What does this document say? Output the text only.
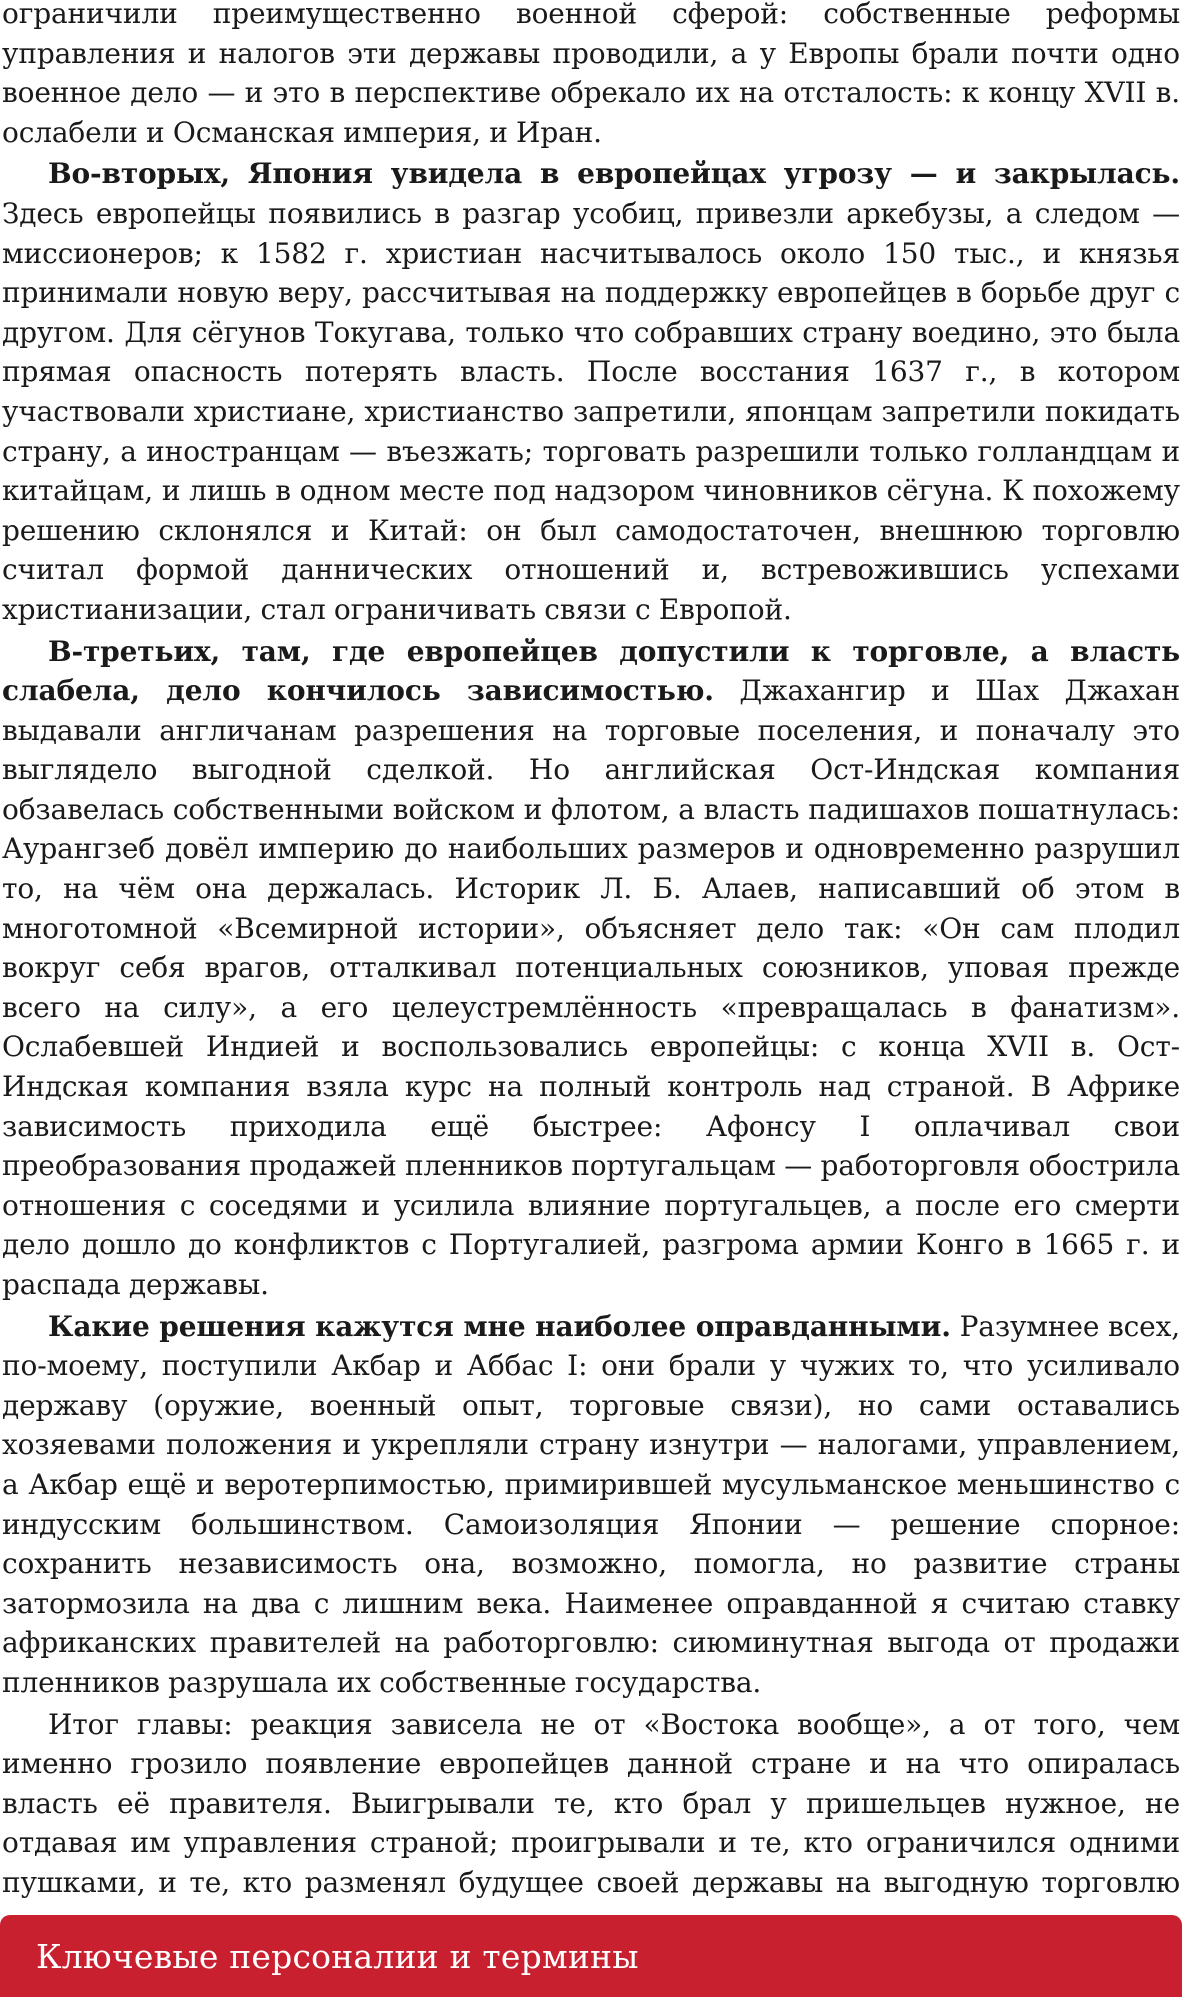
ограничили преимущественно военной сферой: собственные реформы управления и налогов эти державы проводили, а у Европы брали почти одно военное дело — и это в перспективе обрекало их на отсталость: к концу XVII в. ослабели и Османская империя, и Иран.

Во-вторых, Япония увидела в европейцах угрозу — и закрылась. Здесь европейцы появились в разгар усобиц, привезли аркебузы, а следом — миссионеров; к 1582 г. христиан насчитывалось около 150 тыс., и князья принимали новую веру, рассчитывая на поддержку европейцев в борьбе друг с другом. Для сёгунов Токугава, только что собравших страну воедино, это была прямая опасность потерять власть. После восстания 1637 г., в котором участвовали христиане, христианство запретили, японцам запретили покидать страну, а иностранцам — въезжать; торговать разрешили только голландцам и китайцам, и лишь в одном месте под надзором чиновников сёгуна. К похожему решению склонялся и Китай: он был самодостаточен, внешнюю торговлю считал формой даннических отношений и, встревожившись успехами христианизации, стал ограничивать связи с Европой.

В-третьих, там, где европейцев допустили к торговле, а власть слабела, дело кончилось зависимостью. Джахангир и Шах Джахан выдавали англичанам разрешения на торговые поселения, и поначалу это выглядело выгодной сделкой. Но английская Ост-Индская компания обзавелась собственными войском и флотом, а власть падишахов пошатнулась: Аурангзеб довёл империю до наибольших размеров и одновременно разрушил то, на чём она держалась. Историк Л. Б. Алаев, написавший об этом в многотомной «Всемирной истории», объясняет дело так: «Он сам плодил вокруг себя врагов, отталкивал потенциальных союзников, уповая прежде всего на силу», а его целеустремлённость «превращалась в фанатизм». Ослабевшей Индией и воспользовались европейцы: с конца XVII в. Ост-Индская компания взяла курс на полный контроль над страной. В Африке зависимость приходила ещё быстрее: Афонсу I оплачивал свои преобразования продажей пленников португальцам — работорговля обострила отношения с соседями и усилила влияние португальцев, а после его смерти дело дошло до конфликтов с Португалией, разгрома армии Конго в 1665 г. и распада державы.

Какие решения кажутся мне наиболее оправданными. Разумнее всех, по-моему, поступили Акбар и Аббас I: они брали у чужих то, что усиливало державу (оружие, военный опыт, торговые связи), но сами оставались хозяевами положения и укрепляли страну изнутри — налогами, управлением, а Акбар ещё и веротерпимостью, примирившей мусульманское меньшинство с индусским большинством. Самоизоляция Японии — решение спорное: сохранить независимость она, возможно, помогла, но развитие страны затормозила на два с лишним века. Наименее оправданной я считаю ставку африканских правителей на работорговлю: сиюминутная выгода от продажи пленников разрушала их собственные государства.

Итог главы: реакция зависела не от «Востока вообще», а от того, чем именно грозило появление европейцев данной стране и на что опиралась власть её правителя. Выигрывали те, кто брал у пришельцев нужное, не отдавая им управления страной; проигрывали и те, кто ограничился одними пушками, и те, кто разменял будущее своей державы на выгодную торговлю

Ключевые персоналии и термины
